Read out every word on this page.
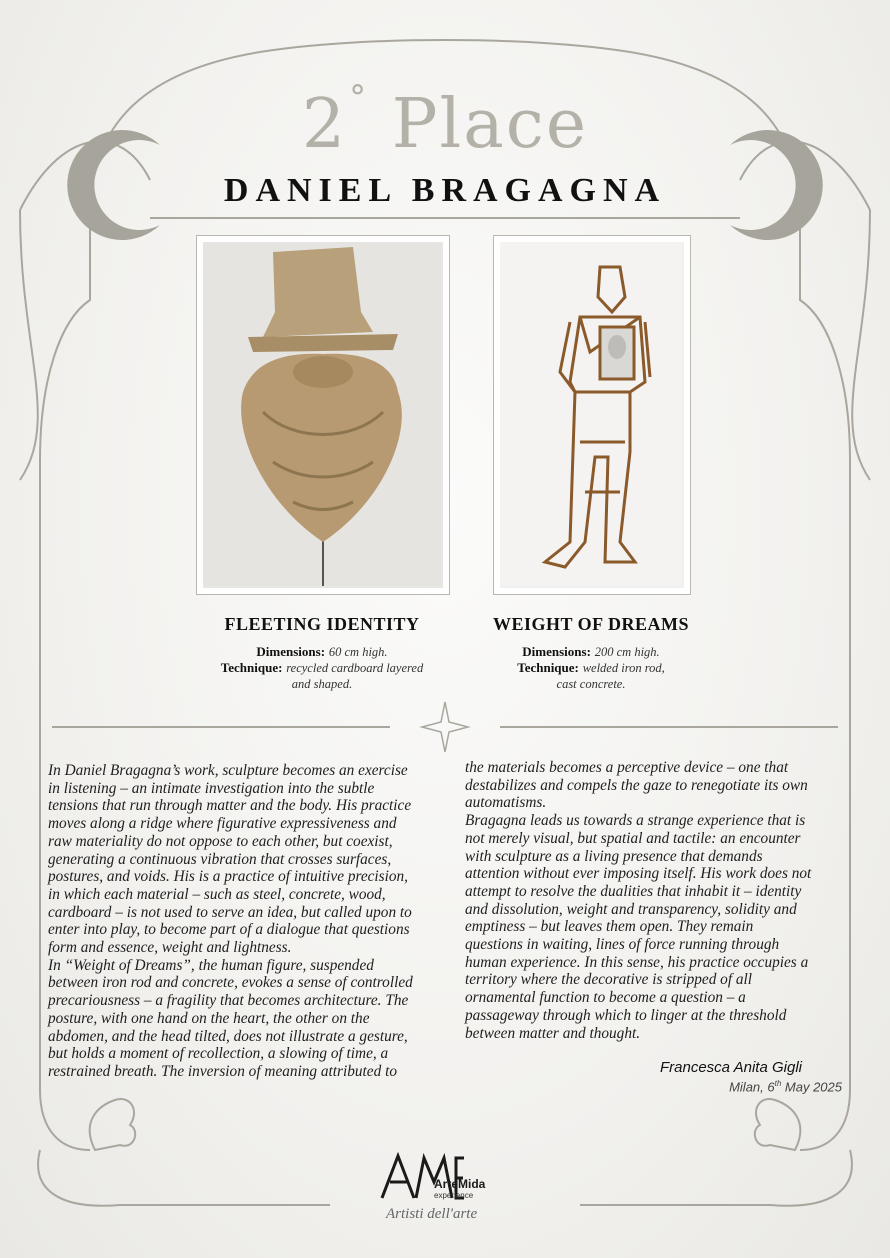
2° Place
DANIEL BRAGAGNA
FLEETING IDENTITY
Dimensions: 60 cm high.
Technique: recycled cardboard layered
and shaped.
WEIGHT OF DREAMS
Dimensions: 200 cm high.
Technique: welded iron rod,
cast concrete.

In Daniel Bragagna’s work, sculpture becomes an exercise

in listening – an intimate investigation into the subtle

tensions that run through matter and the body. His practice

moves along a ridge where figurative expressiveness and

raw materiality do not oppose to each other, but coexist,

generating a continuous vibration that crosses surfaces,

postures, and voids. His is a practice of intuitive precision,

in which each material – such as steel, concrete, wood,

cardboard – is not used to serve an idea, but called upon to

enter into play, to become part of a dialogue that questions

form and essence, weight and lightness.

In “Weight of Dreams”, the human figure, suspended

between iron rod and concrete, evokes a sense of controlled

precariousness – a fragility that becomes architecture. The

posture, with one hand on the heart, the other on the

abdomen, and the head tilted, does not illustrate a gesture,

but holds a moment of recollection, a slowing of time, a

restrained breath. The inversion of meaning attributed to

the materials becomes a perceptive device – one that

destabilizes and compels the gaze to renegotiate its own

automatisms.

Bragagna leads us towards a strange experience that is

not merely visual, but spatial and tactile: an encounter

with sculpture as a living presence that demands

attention without ever imposing itself. His work does not

attempt to resolve the dualities that inhabit it – identity

and dissolution, weight and transparency, solidity and

emptiness – but leaves them open. They remain

questions in waiting, lines of force running through

human experience. In this sense, his practice occupies a

territory where the decorative is stripped of all

ornamental function to become a question – a

passageway through which to linger at the threshold

between matter and thought.

Francesca Anita Gigli
Milan, 6th May 2025
ArteMida
experience
Artisti dell'arte
